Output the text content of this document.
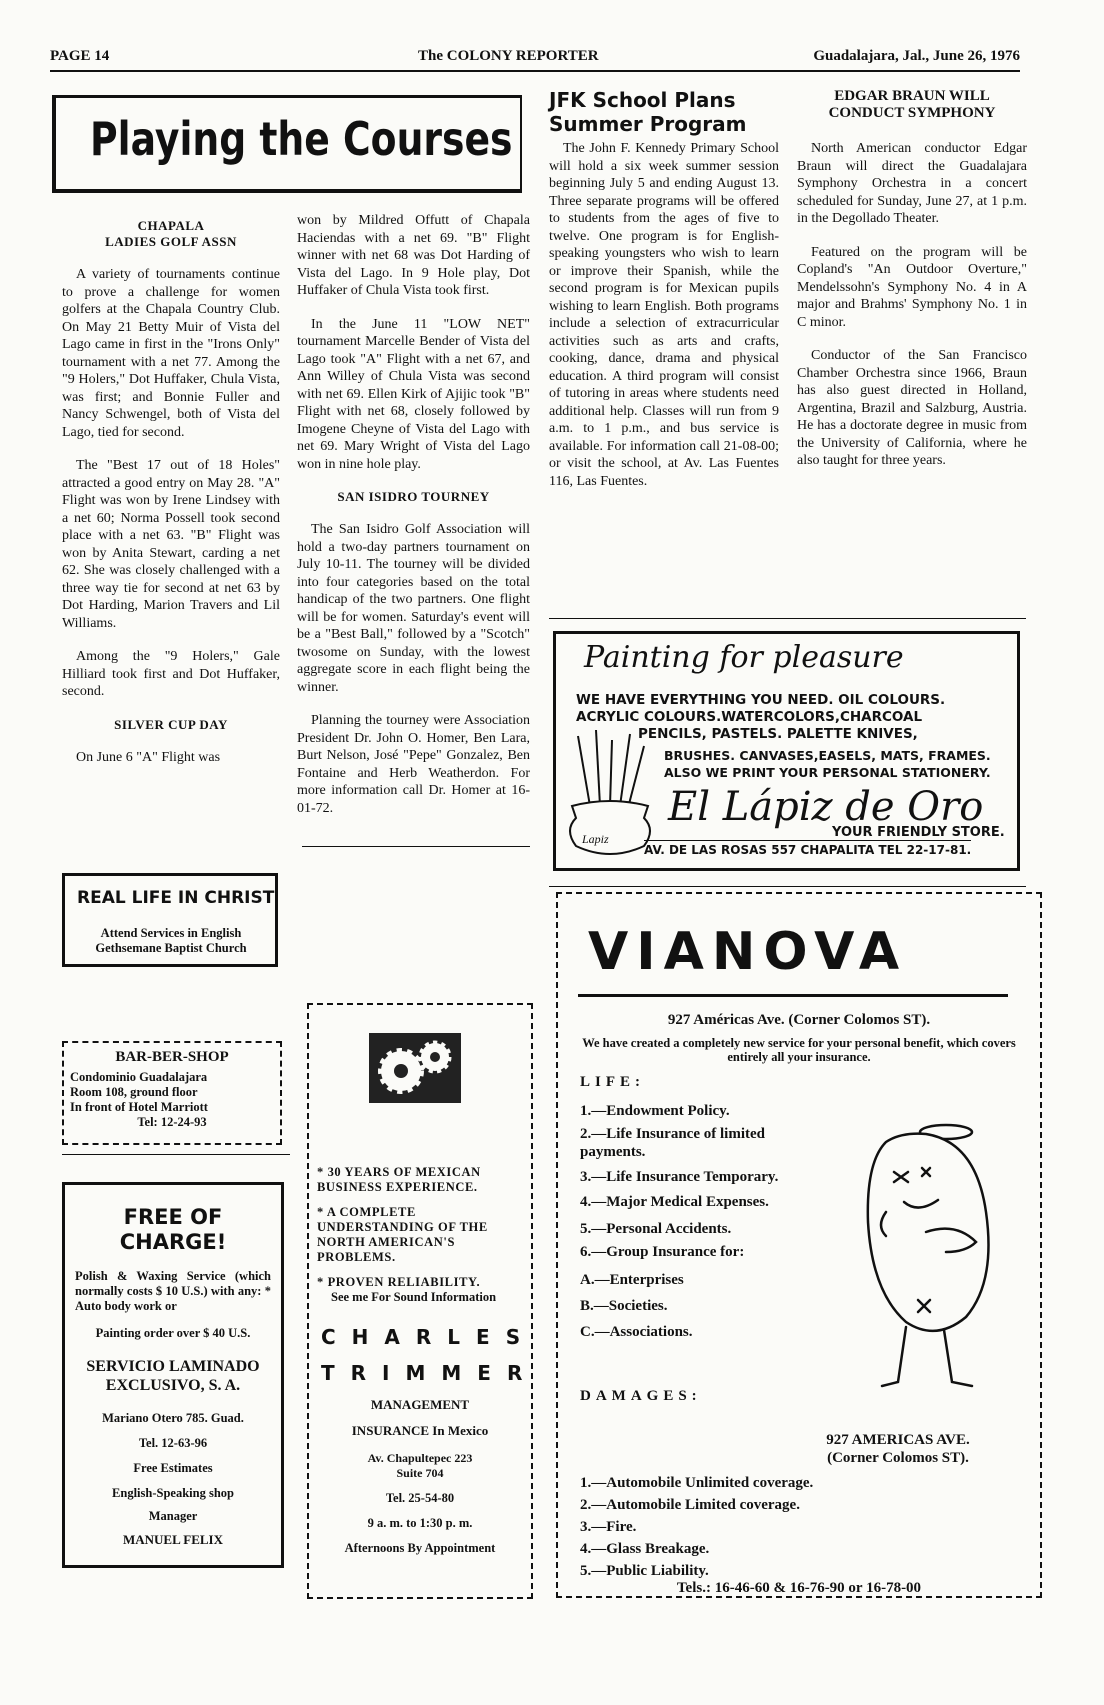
PAGE 14	The COLONY REPORTER	Guadalajara, Jal., June 26, 1976
Playing the Courses
CHAPALA
LADIES GOLF ASSN

A variety of tournaments continue to prove a challenge for women golfers at the Chapala Country Club. On May 21 Betty Muir of Vista del Lago came in first in the "Irons Only" tournament with a net 77. Among the "9 Holers," Dot Huffaker, Chula Vista, was first; and Bonnie Fuller and Nancy Schwengel, both of Vista del Lago, tied for second.

The "Best 17 out of 18 Holes" attracted a good entry on May 28. "A" Flight was won by Irene Lindsey with a net 60; Norma Possell took second place with a net 63. "B" Flight was won by Anita Stewart, carding a net 62. She was closely challenged with a three way tie for second at net 63 by Dot Harding, Marion Travers and Lil Williams.

Among the "9 Holers," Gale Hilliard took first and Dot Huffaker, second.

SILVER CUP DAY

On June 6 "A" Flight was

won by Mildred Offutt of Chapala Haciendas with a net 69. "B" Flight winner with net 68 was Dot Harding of Vista del Lago. In 9 Hole play, Dot Huffaker of Chula Vista took first.

In the June 11 "LOW NET" tournament Marcelle Bender of Vista del Lago took "A" Flight with a net 67, and Ann Willey of Chula Vista was second with net 69. Ellen Kirk of Ajijic took "B" Flight with net 68, closely followed by Imogene Cheyne of Vista del Lago with net 69. Mary Wright of Vista del Lago won in nine hole play.

SAN ISIDRO TOURNEY

The San Isidro Golf Association will hold a two-day partners tournament on July 10-11. The tourney will be divided into four categories based on the total handicap of the two partners. One flight will be for women. Saturday's event will be a "Best Ball," followed by a "Scotch" twosome on Sunday, with the lowest aggregate score in each flight being the winner.

Planning the tourney were Association President Dr. John O. Homer, Ben Lara, Burt Nelson, José "Pepe" Gonzalez, Ben Fontaine and Herb Weatherdon. For more information call Dr. Homer at 16-01-72.

JFK School Plans Summer Program

The John F. Kennedy Primary School will hold a six week summer session beginning July 5 and ending August 13. Three separate programs will be offered to students from the ages of five to twelve. One program is for English-speaking youngsters who wish to learn or improve their Spanish, while the second program is for Mexican pupils wishing to learn English. Both programs include a selection of extracurricular activities such as arts and crafts, cooking, dance, drama and physical education. A third program will consist of tutoring in areas where students need additional help. Classes will run from 9 a.m. to 1 p.m., and bus service is available. For information call 21-08-00; or visit the school, at Av. Las Fuentes 116, Las Fuentes.

EDGAR BRAUN WILL CONDUCT SYMPHONY

North American conductor Edgar Braun will direct the Guadalajara Symphony Orchestra in a concert scheduled for Sunday, June 27, at 1 p.m. in the Degollado Theater.

Featured on the program will be Copland's "An Outdoor Overture," Mendelssohn's Symphony No. 4 in A major and Brahms' Symphony No. 1 in C minor.

Conductor of the San Francisco Chamber Orchestra since 1966, Braun has also guest directed in Holland, Argentina, Brazil and Salzburg, Austria. He has a doctorate degree in music from the University of California, where he also taught for three years.

Painting for pleasure
WE HAVE EVERYTHING YOU NEED. OIL COLOURS.
ACRYLIC COLOURS.WATERCOLORS,CHARCOAL
PENCILS, PASTELS. PALETTE KNIVES,
BRUSHES. CANVASES,EASELS, MATS, FRAMES.
ALSO WE PRINT YOUR PERSONAL STATIONERY.
Lapiz
El Lápiz de Oro
YOUR FRIENDLY STORE.
AV. DE LAS ROSAS 557 CHAPALITA TEL 22-17-81.
REAL LIFE IN CHRIST
Attend Services in English Gethsemane Baptist Church
BAR-BER-SHOP
Condominio Guadalajara
Room 108, ground floor
In front of Hotel Marriott
Tel: 12-24-93
FREE OF CHARGE!
Polish & Waxing Service (which normally costs $ 10 U.S.) with any: * Auto body work or
Painting order over $ 40 U.S.
SERVICIO LAMINADO EXCLUSIVO, S. A.
Mariano Otero 785. Guad.
Tel. 12-63-96
Free Estimates
English-Speaking shop
Manager
MANUEL FELIX
* 30 YEARS OF MEXICAN BUSINESS EXPERIENCE.
* A COMPLETE UNDERSTANDING OF THE NORTH AMERICAN'S PROBLEMS.
* PROVEN RELIABILITY.
See me For Sound Information
CHARLES
TRIMMER
MANAGEMENT
INSURANCE In Mexico
Av. Chapultepec 223
Suite 704
Tel. 25-54-80
9 a. m. to 1:30 p. m.
Afternoons By Appointment
VIANOVA
927 Américas Ave. (Corner Colomos ST).
We have created a completely new service for your personal benefit, which covers entirely all your insurance.
LIFE:
1.—Endowment Policy.
2.—Life Insurance of limited payments.
3.—Life Insurance Temporary.
4.—Major Medical Expenses.
5.—Personal Accidents.
6.—Group Insurance for:
A.—Enterprises
B.—Societies.
C.—Associations.
DAMAGES:
927 AMERICAS AVE.
(Corner Colomos ST).
1.—Automobile Unlimited coverage.
2.—Automobile Limited coverage.
3.—Fire.
4.—Glass Breakage.
5.—Public Liability.
Tels.: 16-46-60 & 16-76-90 or 16-78-00
